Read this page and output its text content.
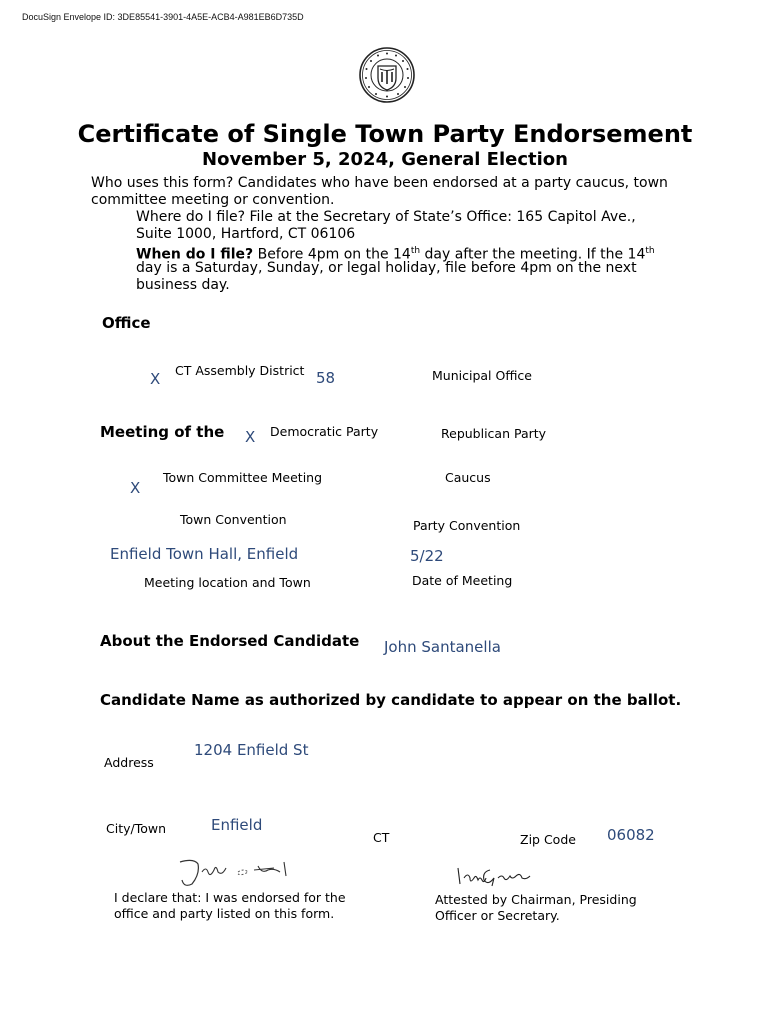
DocuSign Envelope ID: 3DE85541-3901-4A5E-ACB4-A981EB6D735D
Certificate of Single Town Party Endorsement
November 5, 2024, General Election
Who uses this form? Candidates who have been endorsed at a party caucus, town
committee meeting or convention.
Where do I file? File at the Secretary of State’s Office: 165 Capitol Ave.,
Suite 1000, Hartford, CT 06106
When do I file? Before 4pm on the 14th day after the meeting. If the 14th
day is a Saturday, Sunday, or legal holiday, file before 4pm on the next
business day.
Office
X CT Assembly District 58	Municipal Office
Meeting of the X Democratic Party	Republican Party
X
Town Committee Meeting	Caucus
Town Convention	Party Convention
Enfield Town Hall, Enfield	5/22
Meeting location and Town	Date of Meeting
About the Endorsed Candidate John Santanella
Candidate Name as authorized by candidate to appear on the ballot.
1204 Enfield St
Address
City/Town	Enfield
CT	Zip Code 06082
I declare that: I was endorsed for the
office and party listed on this form.
Attested by Chairman, Presiding
Officer or Secretary.
